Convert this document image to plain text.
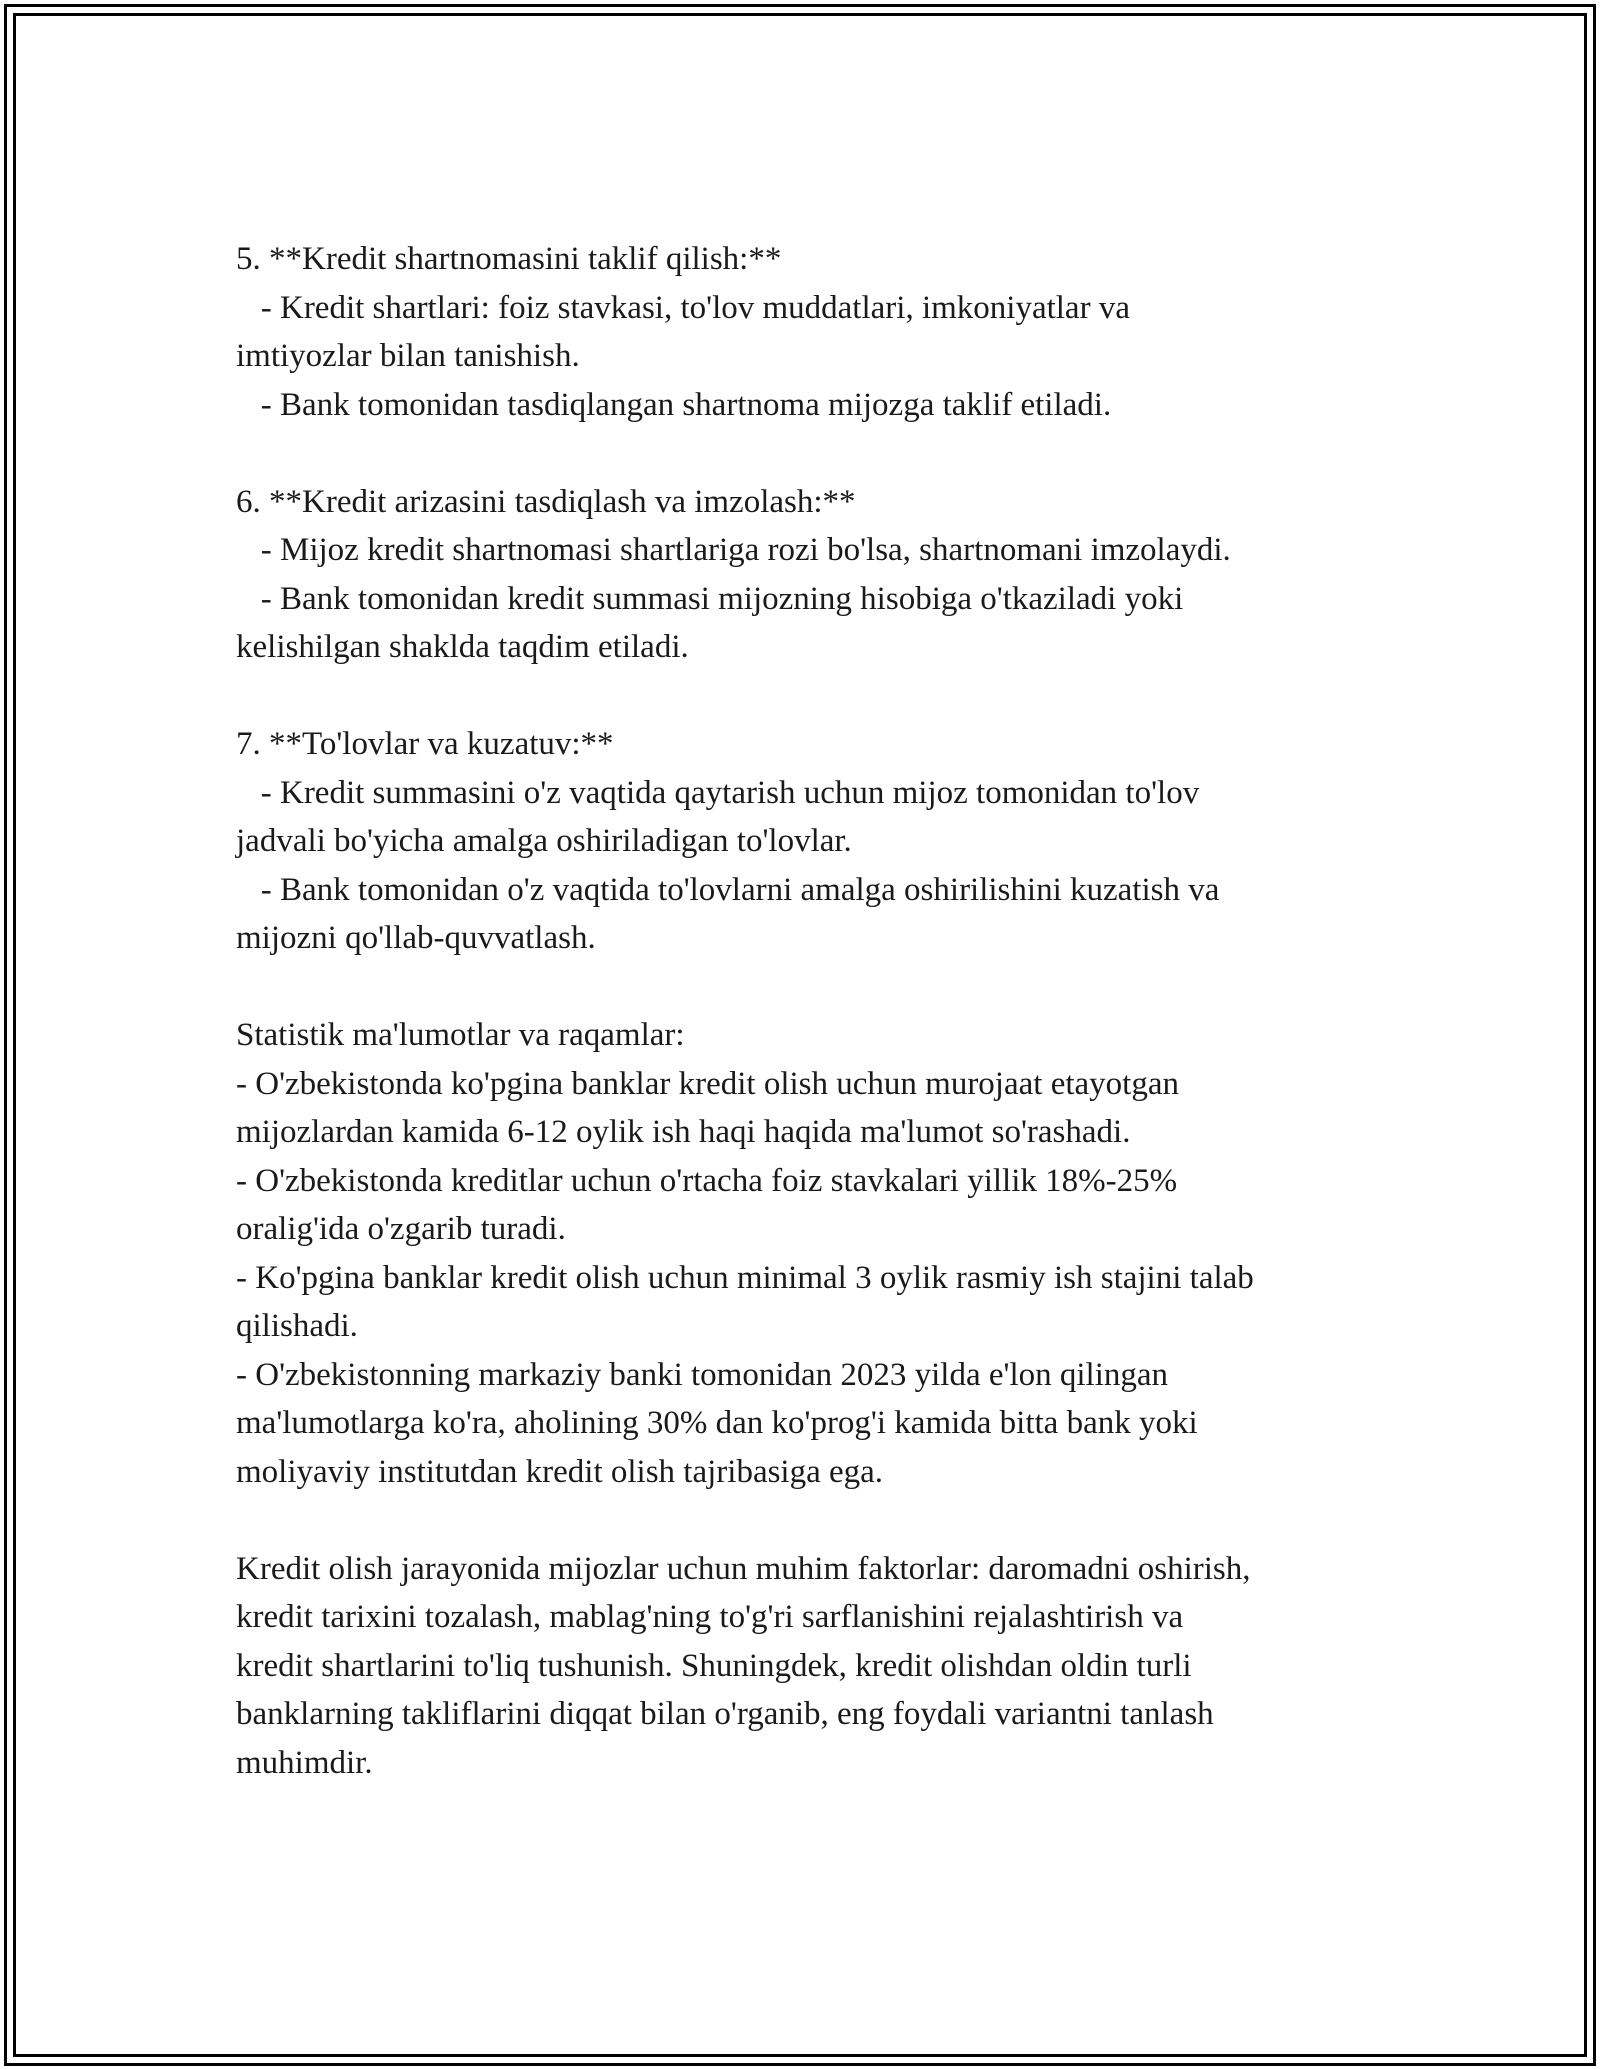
5. **Kredit shartnomasini taklif qilish:**
- Kredit shartlari: foiz stavkasi, to'lov muddatlari, imkoniyatlar va
imtiyozlar bilan tanishish.
- Bank tomonidan tasdiqlangan shartnoma mijozga taklif etiladi.
6. **Kredit arizasini tasdiqlash va imzolash:**
- Mijoz kredit shartnomasi shartlariga rozi bo'lsa, shartnomani imzolaydi.
- Bank tomonidan kredit summasi mijozning hisobiga o'tkaziladi yoki
kelishilgan shaklda taqdim etiladi.
7. **To'lovlar va kuzatuv:**
- Kredit summasini o'z vaqtida qaytarish uchun mijoz tomonidan to'lov
jadvali bo'yicha amalga oshiriladigan to'lovlar.
- Bank tomonidan o'z vaqtida to'lovlarni amalga oshirilishini kuzatish va
mijozni qo'llab-quvvatlash.
Statistik ma'lumotlar va raqamlar:
- O'zbekistonda ko'pgina banklar kredit olish uchun murojaat etayotgan
mijozlardan kamida 6-12 oylik ish haqi haqida ma'lumot so'rashadi.
- O'zbekistonda kreditlar uchun o'rtacha foiz stavkalari yillik 18%-25%
oralig'ida o'zgarib turadi.
- Ko'pgina banklar kredit olish uchun minimal 3 oylik rasmiy ish stajini talab
qilishadi.
- O'zbekistonning markaziy banki tomonidan 2023 yilda e'lon qilingan
ma'lumotlarga ko'ra, aholining 30% dan ko'prog'i kamida bitta bank yoki
moliyaviy institutdan kredit olish tajribasiga ega.
Kredit olish jarayonida mijozlar uchun muhim faktorlar: daromadni oshirish,
kredit tarixini tozalash, mablag'ning to'g'ri sarflanishini rejalashtirish va
kredit shartlarini to'liq tushunish. Shuningdek, kredit olishdan oldin turli
banklarning takliflarini diqqat bilan o'rganib, eng foydali variantni tanlash
muhimdir.
